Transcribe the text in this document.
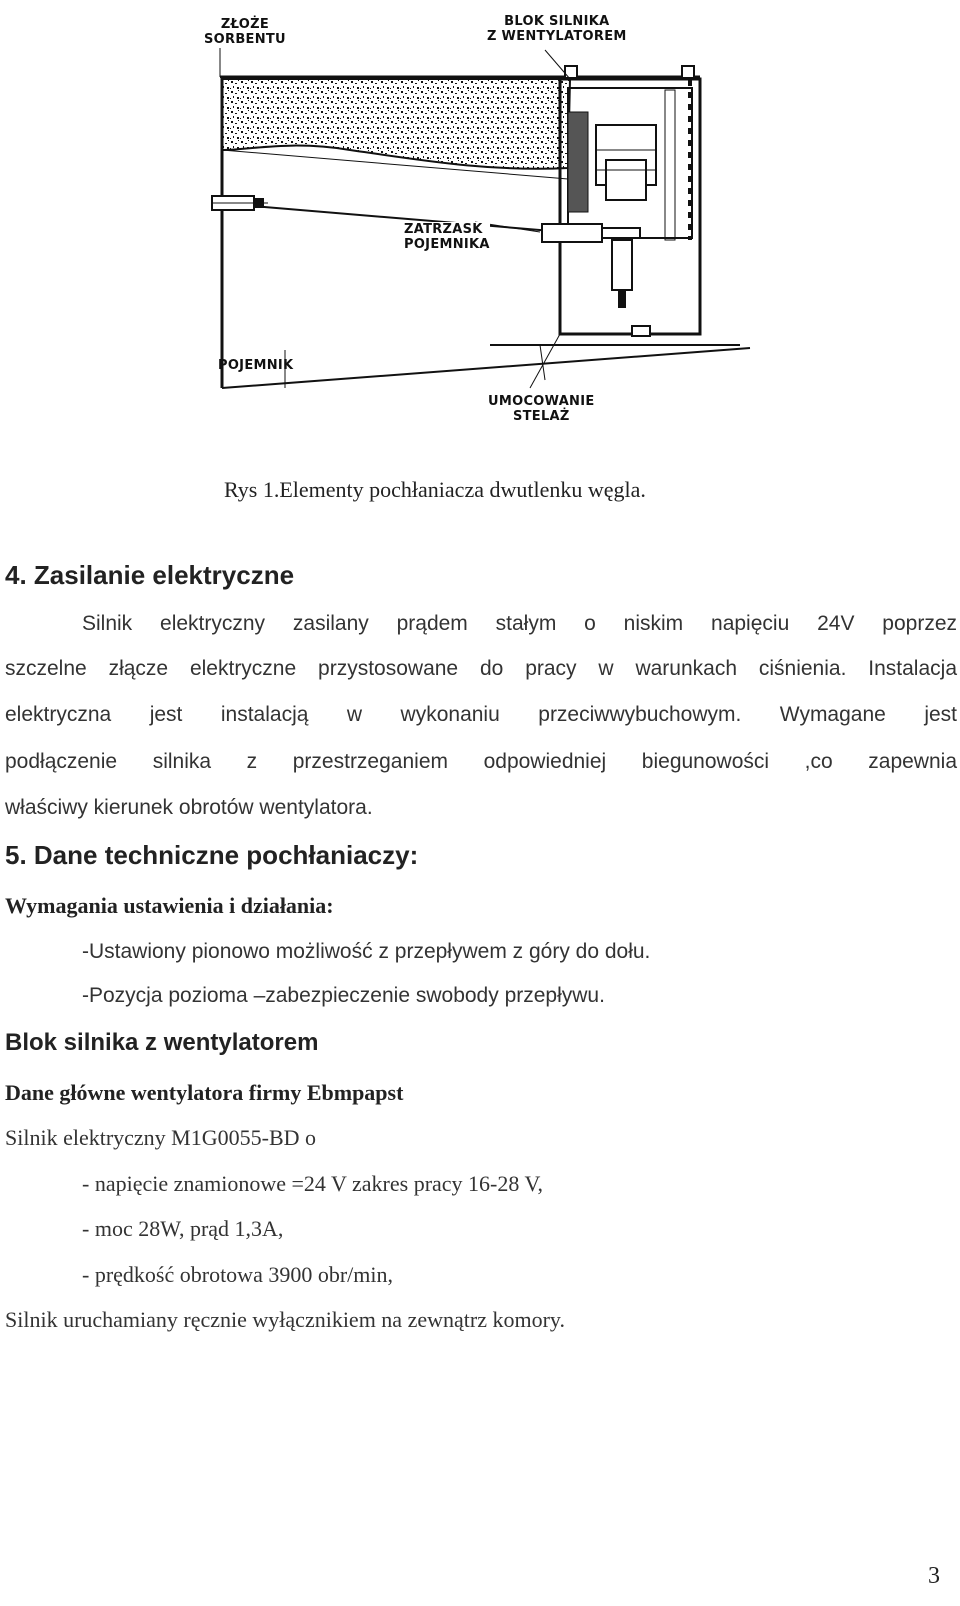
ZŁOŻE
SORBENTU
BLOK SILNIKA
Z WENTYLATOREM
ZATRZASK
POJEMNIKA
POJEMNIK
UMOCOWANIE
STELAŻ
Rys 1.Elementy pochłaniacza dwutlenku węgla.
4. Zasilanie elektryczne
Silnik elektryczny zasilany prądem stałym o niskim napięciu 24V poprzez
szczelne złącze elektryczne przystosowane do pracy w warunkach ciśnienia. Instalacja
elektryczna jest instalacją w wykonaniu przeciwwybuchowym. Wymagane jest
podłączenie silnika z przestrzeganiem odpowiedniej biegunowości ,co zapewnia
właściwy kierunek obrotów wentylatora.
5. Dane techniczne pochłaniaczy:
Wymagania ustawienia i działania:
-Ustawiony pionowo możliwość z przepływem z góry do dołu.
-Pozycja pozioma –zabezpieczenie swobody przepływu.
Blok silnika z wentylatorem
Dane główne wentylatora firmy Ebmpapst
Silnik elektryczny M1G0055-BD o
- napięcie znamionowe =24 V zakres pracy 16-28 V,
- moc 28W, prąd 1,3A,
- prędkość obrotowa 3900 obr/min,
Silnik uruchamiany ręcznie wyłącznikiem na zewnątrz komory.
3
